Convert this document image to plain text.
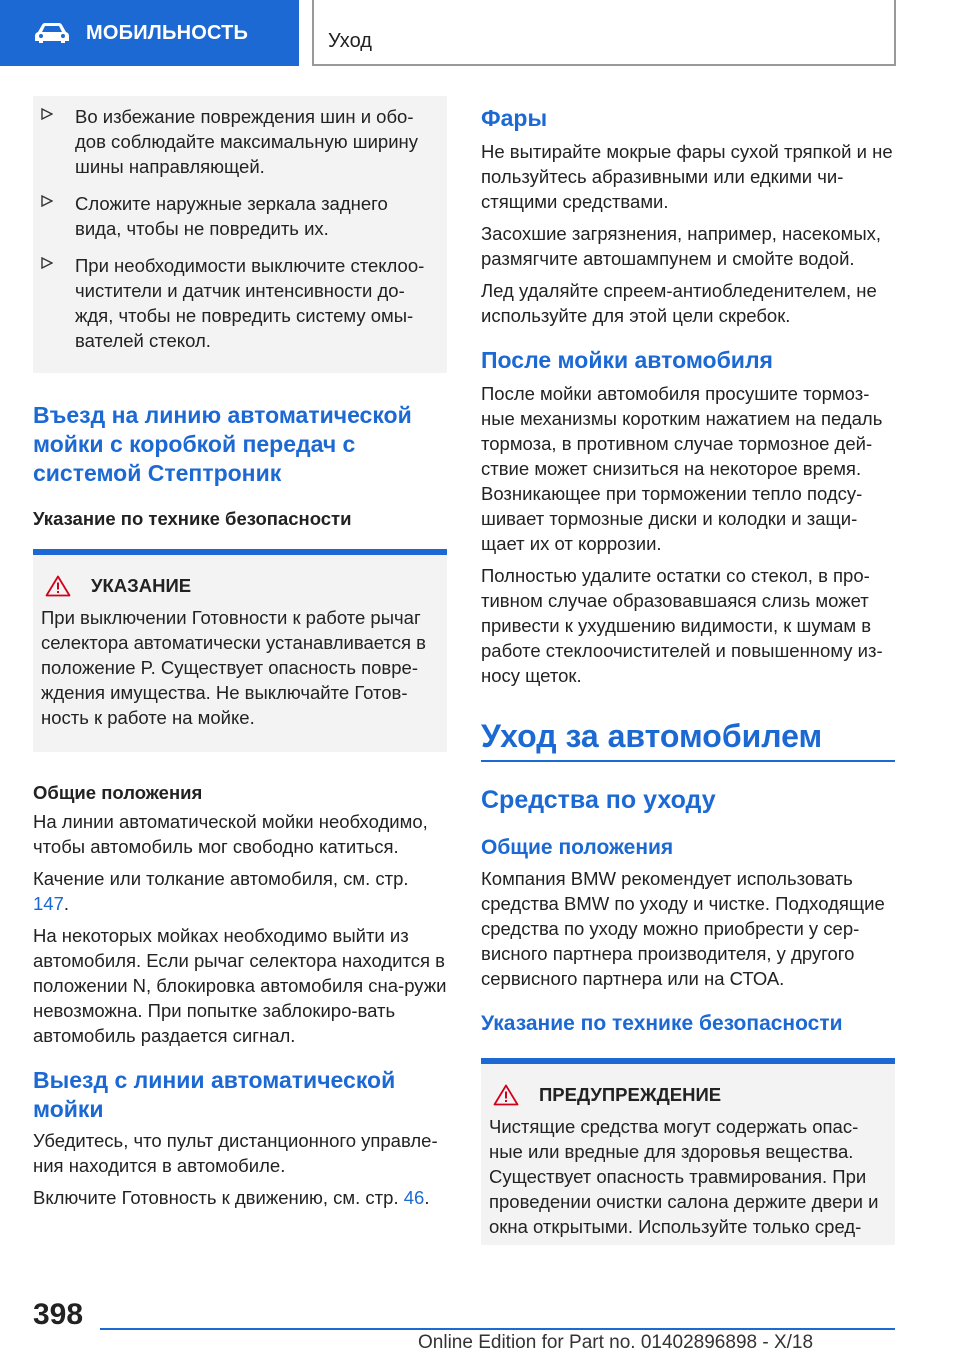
МОБИЛЬНОСТЬ	Уход
Во избежание повреждения шин и обо-дов соблюдайте максимальную ширину шины направляющей.
Сложите наружные зеркала заднего вида, чтобы не повредить их.
При необходимости выключите стеклоо-чистители и датчик интенсивности до-ждя, чтобы не повредить систему омы-вателей стекол.
Въезд на линию автоматической мойки с коробкой передач с системой Стептроник
Указание по технике безопасности
УКАЗАНИЕ
При выключении Готовности к работе рычаг селектора автоматически устанавливается в положение P. Существует опасность повре-ждения имущества. Не выключайте Готов-ность к работе на мойке.
Общие положения
На линии автоматической мойки необходимо, чтобы автомобиль мог свободно катиться.
Качение или толкание автомобиля, см. стр. 147.
На некоторых мойках необходимо выйти из автомобиля. Если рычаг селектора находится в положении N, блокировка автомобиля сна-ружи невозможна. При попытке заблокиро-вать автомобиль раздается сигнал.
Выезд с линии автоматической мойки
Убедитесь, что пульт дистанционного управле-ния находится в автомобиле.
Включите Готовность к движению, см. стр. 46.
Фары
Не вытирайте мокрые фары сухой тряпкой и не пользуйтесь абразивными или едкими чи-стящими средствами.
Засохшие загрязнения, например, насекомых, размягчите автошампунем и смойте водой.
Лед удаляйте спреем-антиобледенителем, не используйте для этой цели скребок.
После мойки автомобиля
После мойки автомобиля просушите тормоз-ные механизмы коротким нажатием на педаль тормоза, в противном случае тормозное дей-ствие может снизиться на некоторое время. Возникающее при торможении тепло подсу-шивает тормозные диски и колодки и защи-щает их от коррозии.
Полностью удалите остатки со стекол, в про-тивном случае образовавшаяся слизь может привести к ухудшению видимости, к шумам в работе стеклоочистителей и повышенному из-носу щеток.
Уход за автомобилем
Средства по уходу
Общие положения
Компания BMW рекомендует использовать средства BMW по уходу и чистке. Подходящие средства по уходу можно приобрести у сер-висного партнера производителя, у другого сервисного партнера или на СТОА.
Указание по технике безопасности
ПРЕДУПРЕЖДЕНИЕ
Чистящие средства могут содержать опас-ные или вредные для здоровья вещества. Существует опасность травмирования. При проведении очистки салона держите двери и окна открытыми. Используйте только сред-
398
Online Edition for Part no. 01402896898 - X/18
